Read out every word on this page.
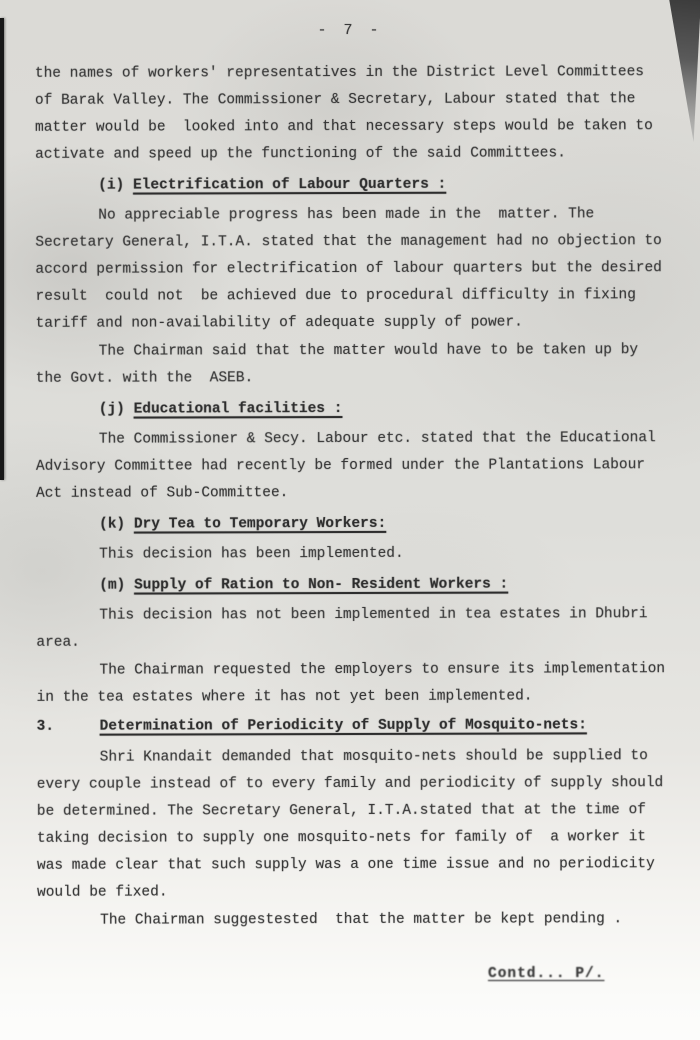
- 7 -
the names of workers' representatives in the District Level Committees of Barak Valley. The Commissioner & Secretary, Labour stated that the matter would be  looked into and that necessary steps would be taken to activate and speed up the functioning of the said Committees.
(i) Electrification of Labour Quarters :
No appreciable progress has been made in the  matter. The Secretary General, I.T.A. stated that the management had no objection to accord permission for electrification of labour quarters but the desired result  could not  be achieved due to procedural difficulty in fixing tariff and non-availability of adequate supply of power.
The Chairman said that the matter would have to be taken up by the Govt. with the  ASEB.
(j) Educational facilities :
The Commissioner & Secy. Labour etc. stated that the Educational Advisory Committee had recently be formed under the Plantations Labour Act instead of Sub-Committee.
(k) Dry Tea to Temporary Workers:
This decision has been implemented.
(m) Supply of Ration to Non- Resident Workers :
This decision has not been implemented in tea estates in Dhubri area.
The Chairman requested the employers to ensure its implementation in the tea estates where it has not yet been implemented.
3.	Determination of Periodicity of Supply of Mosquito-nets:
Shri Knandait demanded that mosquito-nets should be supplied to every couple instead of to every family and periodicity of supply should be determined. The Secretary General, I.T.A.stated that at the time of taking decision to supply one mosquito-nets for family of  a worker it was made clear that such supply was a one time issue and no periodicity would be fixed.
The Chairman suggestested  that the matter be kept pending .
Contd... P/.
